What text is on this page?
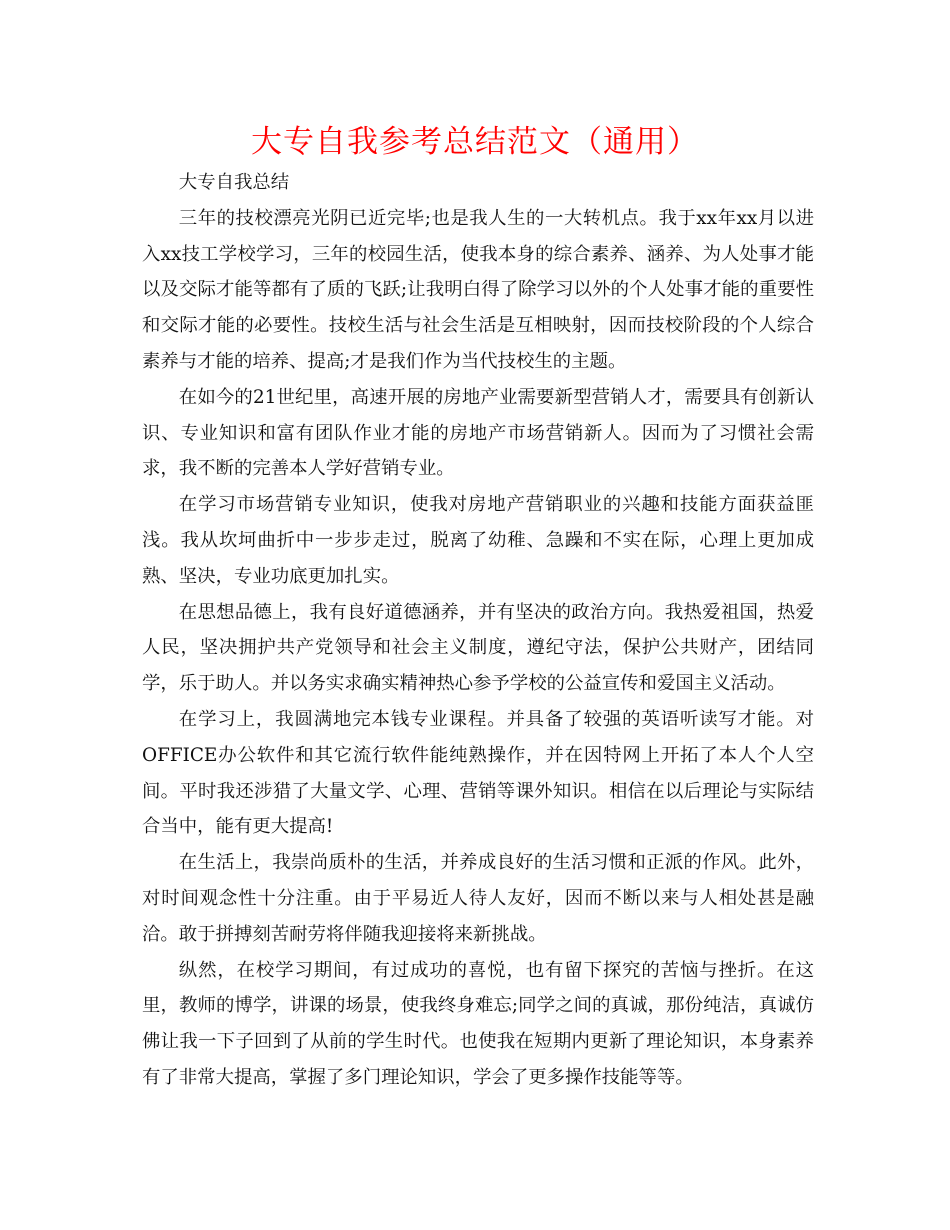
大专自我参考总结范文（通用）

大专自我总结

三年的技校漂亮光阴已近完毕;也是我人生的一大转机点。我于xx年xx月以进入xx技工学校学习，三年的校园生活，使我本身的综合素养、涵养、为人处事才能以及交际才能等都有了质的飞跃;让我明白得了除学习以外的个人处事才能的重要性和交际才能的必要性。技校生活与社会生活是互相映射，因而技校阶段的个人综合素养与才能的培养、提高;才是我们作为当代技校生的主题。

在如今的21世纪里，高速开展的房地产业需要新型营销人才，需要具有创新认识、专业知识和富有团队作业才能的房地产市场营销新人。因而为了习惯社会需求，我不断的完善本人学好营销专业。

在学习市场营销专业知识，使我对房地产营销职业的兴趣和技能方面获益匪浅。我从坎坷曲折中一步步走过，脱离了幼稚、急躁和不实在际，心理上更加成熟、坚决，专业功底更加扎实。

在思想品德上，我有良好道德涵养，并有坚决的政治方向。我热爱祖国，热爱人民，坚决拥护共产党领导和社会主义制度，遵纪守法，保护公共财产，团结同学，乐于助人。并以务实求确实精神热心参予学校的公益宣传和爱国主义活动。

在学习上，我圆满地完本钱专业课程。并具备了较强的英语听读写才能。对OFFICE办公软件和其它流行软件能纯熟操作，并在因特网上开拓了本人个人空间。平时我还涉猎了大量文学、心理、营销等课外知识。相信在以后理论与实际结合当中，能有更大提高!

在生活上，我崇尚质朴的生活，并养成良好的生活习惯和正派的作风。此外，对时间观念性十分注重。由于平易近人待人友好，因而不断以来与人相处甚是融洽。敢于拼搏刻苦耐劳将伴随我迎接将来新挑战。

纵然，在校学习期间，有过成功的喜悦，也有留下探究的苦恼与挫折。在这里，教师的博学，讲课的场景，使我终身难忘;同学之间的真诚，那份纯洁，真诚仿佛让我一下子回到了从前的学生时代。也使我在短期内更新了理论知识，本身素养有了非常大提高，掌握了多门理论知识，学会了更多操作技能等等。
